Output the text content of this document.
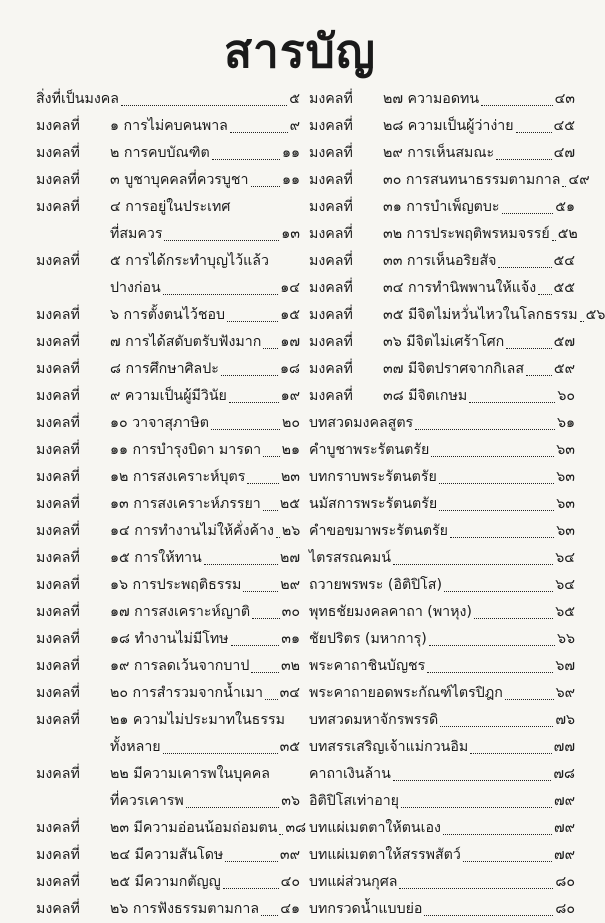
สารบัญ
สิ่งที่เป็นมงคล	๕
มงคลที่	๑ การไม่คบคนพาล	๙
มงคลที่	๒ การคบบัณฑิต	๑๑
มงคลที่	๓ บูชาบุคคลที่ควรบูชา ๑๑
มงคลที่	๔ การอยู่ในประเทศ
ที่สมควร	๑๓
มงคลที่	๕ การได้กระทำบุญไว้แล้ว
ปางก่อน	๑๔
มงคลที่	๖ การตั้งตนไว้ชอบ	๑๕
มงคลที่	๗ การได้สดับตรับฟังมาก ๑๗
มงคลที่	๘ การศึกษาศิลปะ	๑๘
มงคลที่	๙ ความเป็นผู้มีวินัย	๑๙
มงคลที่	๑๐ วาจาสุภาษิต	๒๐
มงคลที่	๑๑ การบำรุงบิดา มารดา ๒๑
มงคลที่	๑๒ การสงเคราะห์บุตร	๒๓
มงคลที่	๑๓ การสงเคราะห์ภรรยา ๒๕
มงคลที่	๑๔ การทำงานไม่ให้คั่งค้าง ๒๖
มงคลที่	๑๕ การให้ทาน	๒๗
มงคลที่	๑๖ การประพฤติธรรม	๒๙
มงคลที่	๑๗ การสงเคราะห์ญาติ ๓๐
มงคลที่	๑๘ ทำงานไม่มีโทษ	๓๑
มงคลที่	๑๙ การลดเว้นจากบาป ๓๒
มงคลที่	๒๐ การสำรวมจากน้ำเมา ๓๔
มงคลที่	๒๑ ความไม่ประมาทในธรรม
ทั้งหลาย	๓๕
มงคลที่	๒๒ มีความเคารพในบุคคล
ที่ควรเคารพ	๓๖
มงคลที่	๒๓ มีความอ่อนน้อมถ่อมตน ๓๘
มงคลที่	๒๔ มีความสันโดษ	๓๙
มงคลที่	๒๕ มีความกตัญญู	๔๐
มงคลที่	๒๖ การฟังธรรมตามกาล ๔๑
มงคลที่	๒๗ ความอดทน	๔๓
มงคลที่	๒๘ ความเป็นผู้ว่าง่าย	๔๕
มงคลที่	๒๙ การเห็นสมณะ	๔๗
มงคลที่	๓๐ การสนทนาธรรมตามกาล ๔๙
มงคลที่	๓๑ การบำเพ็ญตบะ	๕๑
มงคลที่	๓๒ การประพฤติพรหมจรรย์ ๕๒
มงคลที่	๓๓ การเห็นอริยสัจ	๕๔
มงคลที่	๓๔ การทำนิพพานให้แจ้ง ๕๕
มงคลที่	๓๕ มีจิตไม่หวั่นไหวในโลกธรรม ๕๖
มงคลที่	๓๖ มีจิตไม่เศร้าโศก	๕๗
มงคลที่	๓๗ มีจิตปราศจากกิเลส ๕๙
มงคลที่	๓๘ มีจิตเกษม	๖๐
บทสวดมงคลสูตร	๖๑
คำบูชาพระรัตนตรัย	๖๓
บทกราบพระรัตนตรัย	๖๓
นมัสการพระรัตนตรัย	๖๓
คำขอขมาพระรัตนตรัย	๖๓
ไตรสรณคมน์	๖๔
ถวายพรพระ (อิติปิโส)	๖๔
พุทธชัยมงคลคาถา (พาหุง)	๖๕
ชัยปริตร (มหาการุ)	๖๖
พระคาถาชินบัญชร	๖๗
พระคาถายอดพระกัณฑ์ไตรปิฎก	๖๙
บทสวดมหาจักรพรรดิ	๗๖
บทสรรเสริญเจ้าแม่กวนอิม	๗๗
คาถาเงินล้าน	๗๘
อิติปิโสเท่าอายุ	๗๙
บทแผ่เมตตาให้ตนเอง	๗๙
บทแผ่เมตตาให้สรรพสัตว์	๗๙
บทแผ่ส่วนกุศล	๘๐
บทกรวดน้ำแบบย่อ	๘๐
